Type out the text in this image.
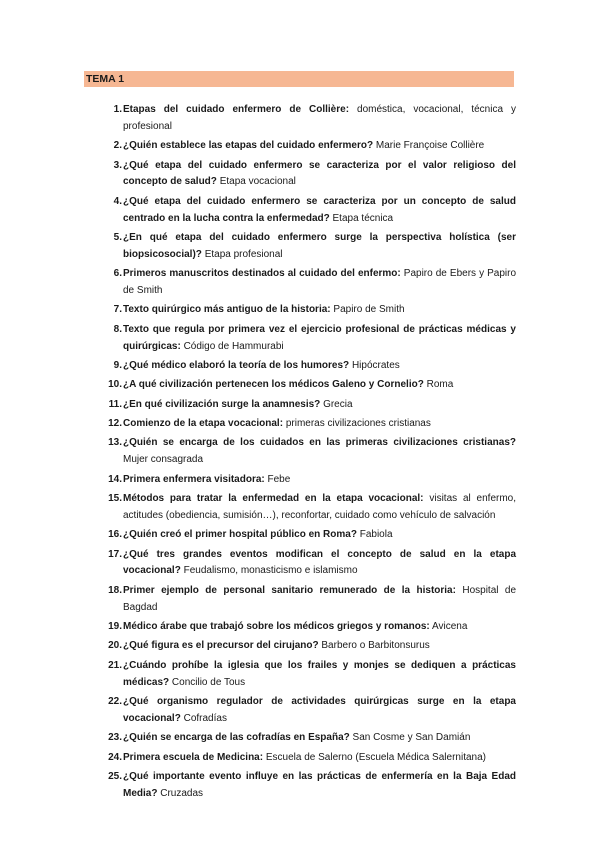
TEMA 1
1. Etapas del cuidado enfermero de Collière: doméstica, vocacional, técnica y profesional
2. ¿Quién establece las etapas del cuidado enfermero? Marie Françoise Collière
3. ¿Qué etapa del cuidado enfermero se caracteriza por el valor religioso del concepto de salud? Etapa vocacional
4. ¿Qué etapa del cuidado enfermero se caracteriza por un concepto de salud centrado en la lucha contra la enfermedad? Etapa técnica
5. ¿En qué etapa del cuidado enfermero surge la perspectiva holística (ser biopsicosocial)? Etapa profesional
6. Primeros manuscritos destinados al cuidado del enfermo: Papiro de Ebers y Papiro de Smith
7. Texto quirúrgico más antiguo de la historia: Papiro de Smith
8. Texto que regula por primera vez el ejercicio profesional de prácticas médicas y quirúrgicas: Código de Hammurabi
9. ¿Qué médico elaboró la teoría de los humores? Hipócrates
10. ¿A qué civilización pertenecen los médicos Galeno y Cornelio? Roma
11. ¿En qué civilización surge la anamnesis? Grecia
12. Comienzo de la etapa vocacional: primeras civilizaciones cristianas
13. ¿Quién se encarga de los cuidados en las primeras civilizaciones cristianas? Mujer consagrada
14. Primera enfermera visitadora: Febe
15. Métodos para tratar la enfermedad en la etapa vocacional: visitas al enfermo, actitudes (obediencia, sumisión…), reconfortar, cuidado como vehículo de salvación
16. ¿Quién creó el primer hospital público en Roma? Fabiola
17. ¿Qué tres grandes eventos modifican el concepto de salud en la etapa vocacional? Feudalismo, monasticismo e islamismo
18. Primer ejemplo de personal sanitario remunerado de la historia: Hospital de Bagdad
19. Médico árabe que trabajó sobre los médicos griegos y romanos: Avicena
20. ¿Qué figura es el precursor del cirujano? Barbero o Barbitonsurus
21. ¿Cuándo prohíbe la iglesia que los frailes y monjes se dediquen a prácticas médicas? Concilio de Tous
22. ¿Qué organismo regulador de actividades quirúrgicas surge en la etapa vocacional? Cofradías
23. ¿Quién se encarga de las cofradías en España? San Cosme y San Damián
24. Primera escuela de Medicina: Escuela de Salerno (Escuela Médica Salernitana)
25. ¿Qué importante evento influye en las prácticas de enfermería en la Baja Edad Media? Cruzadas
